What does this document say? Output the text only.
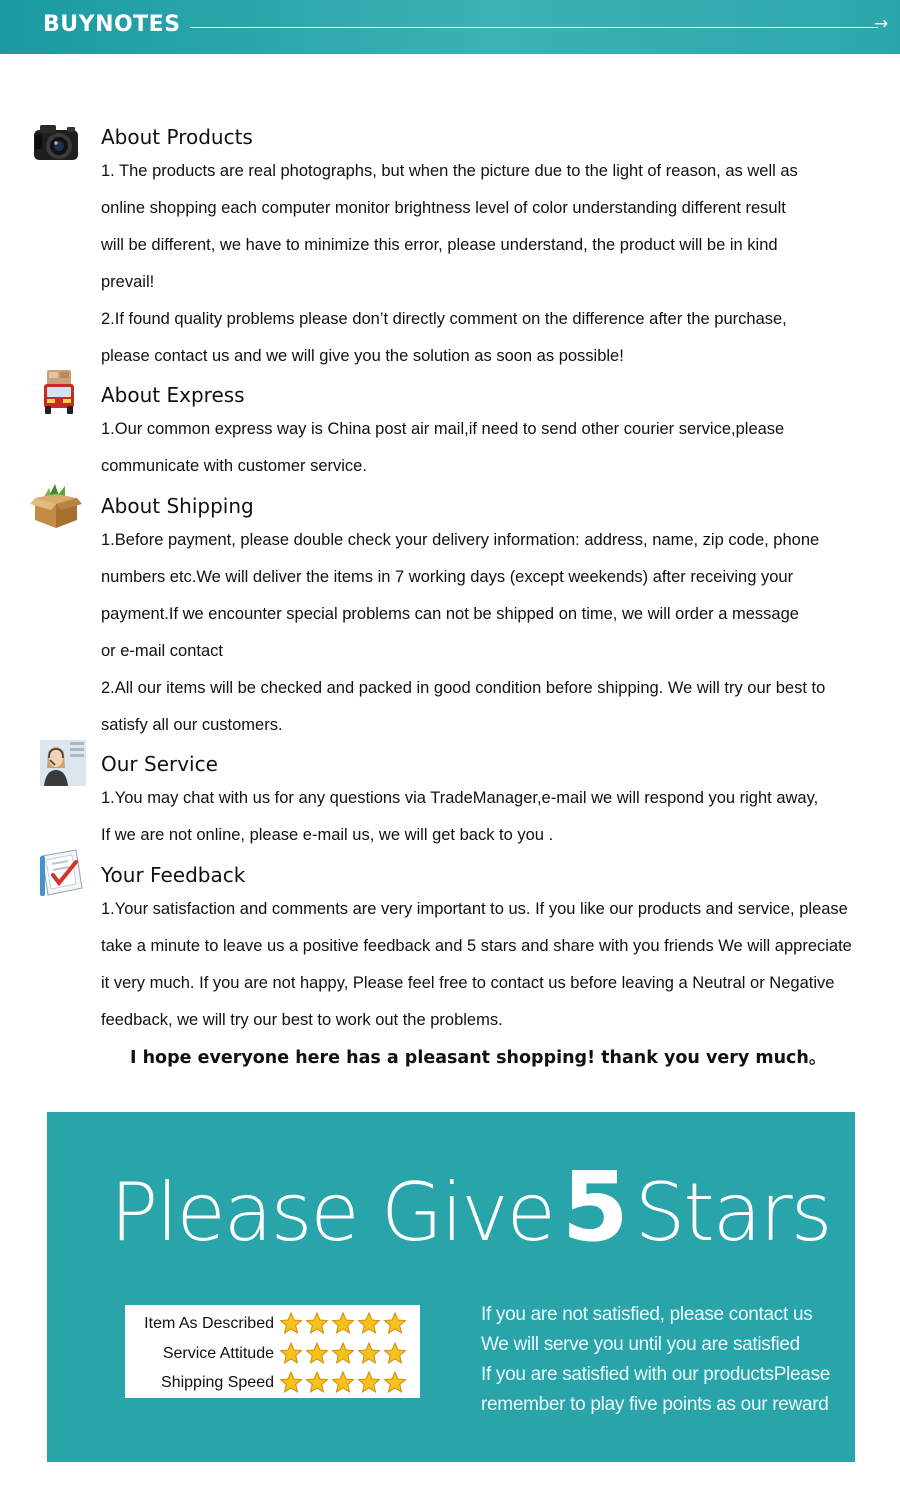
BUYNOTES	→
About Products

1. The products are real photographs, but when the picture due to the light of reason, as well as
online shopping each computer monitor brightness level of color understanding different result
will be different, we have to minimize this error, please understand, the product will be in kind
prevail!
2.If found quality problems please don’t directly comment on the difference after the purchase,
please contact us and we will give you the solution as soon as possible!

About Express

1.Our common express way is China post air mail,if need to send other courier service,please
communicate with customer service.

About Shipping

1.Before payment, please double check your delivery information: address, name, zip code, phone
numbers etc.We will deliver the items in 7 working days (except weekends) after receiving your
payment.If we encounter special problems can not be shipped on time, we will order a message
or e-mail contact
2.All our items will be checked and packed in good condition before shipping. We will try our best to
satisfy all our customers.

Our Service

1.You may chat with us for any questions via TradeManager,e-mail we will respond you right away,
If we are not online, please e-mail us, we will get back to you .

Your Feedback

1.Your satisfaction and comments are very important to us. If you like our products and service, please
take a minute to leave us a positive feedback and 5 stars and share with you friends We will appreciate
it very much. If you are not happy, Please feel free to contact us before leaving a Neutral or Negative
feedback, we will try our best to work out the problems.

I hope everyone here has a pleasant shopping! thank you very much。

Please Give5 Stars
Item As Described
Service Attitude
Shipping Speed

If you are not satisfied, please contact us
We will serve you until you are satisfied
If you are satisfied with our productsPlease
remember to play five points as our reward
